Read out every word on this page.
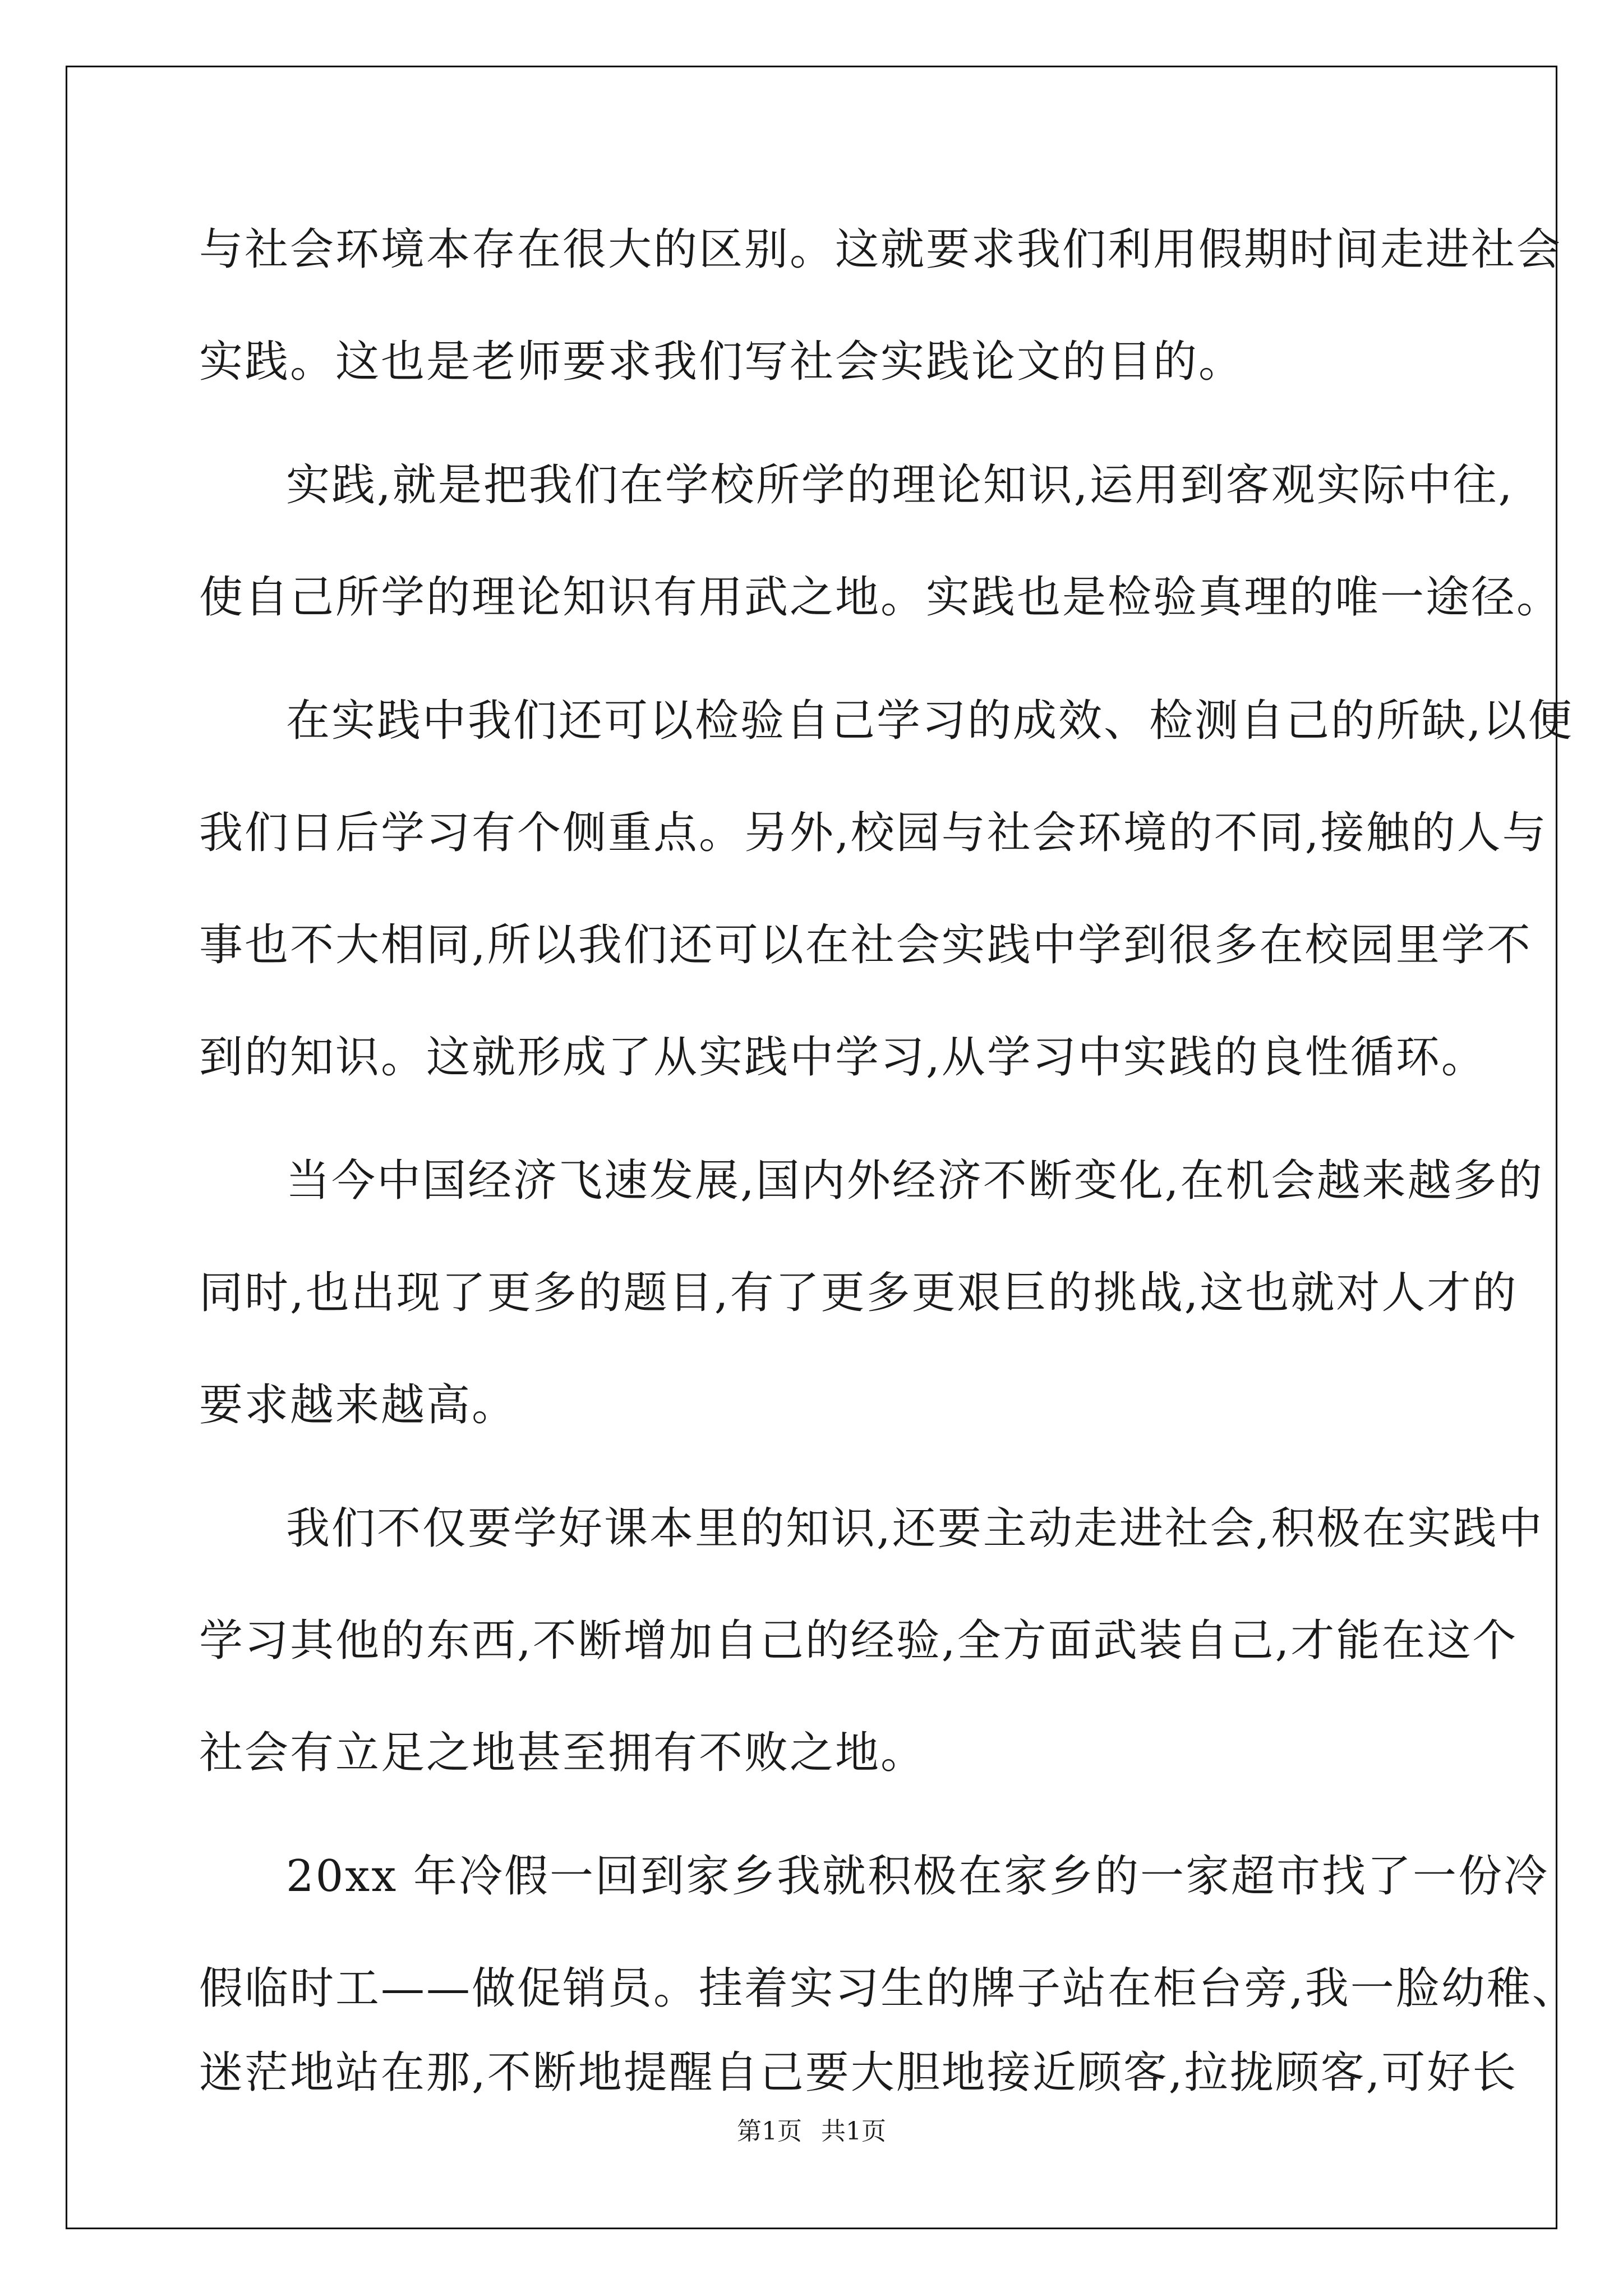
与社会环境本存在很大的区别。这就要求我们利用假期时间走进社会
实践。这也是老师要求我们写社会实践论文的目的。
实践,就是把我们在学校所学的理论知识,运用到客观实际中往,
使自己所学的理论知识有用武之地。实践也是检验真理的唯一途径。
在实践中我们还可以检验自己学习的成效、检测自己的所缺,以便
我们日后学习有个侧重点。另外,校园与社会环境的不同,接触的人与
事也不大相同,所以我们还可以在社会实践中学到很多在校园里学不
到的知识。这就形成了从实践中学习,从学习中实践的良性循环。
当今中国经济飞速发展,国内外经济不断变化,在机会越来越多的
同时,也出现了更多的题目,有了更多更艰巨的挑战,这也就对人才的
要求越来越高。
我们不仅要学好课本里的知识,还要主动走进社会,积极在实践中
学习其他的东西,不断增加自己的经验,全方面武装自己,才能在这个
社会有立足之地甚至拥有不败之地。
20xx 年冷假一回到家乡我就积极在家乡的一家超市找了一份冷
假临时工——做促销员。挂着实习生的牌子站在柜台旁,我一脸幼稚、
迷茫地站在那,不断地提醒自己要大胆地接近顾客,拉拢顾客,可好长
第1页 共1页
